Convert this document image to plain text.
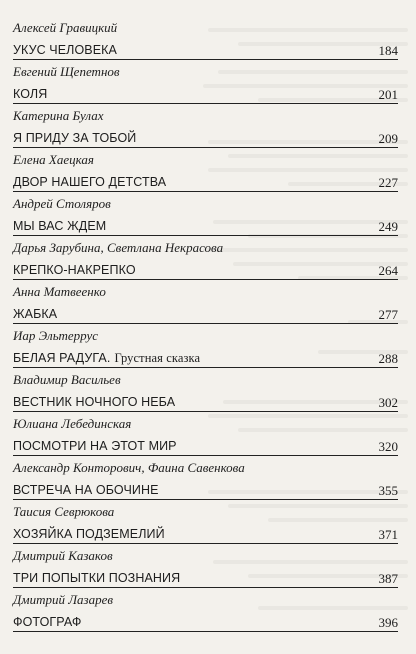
Алексей Гравицкий
УКУС ЧЕЛОВЕКА	184
Евгений Щепетнов
КОЛЯ	201
Катерина Булах
Я ПРИДУ ЗА ТОБОЙ	209
Елена Хаецкая
ДВОР НАШЕГО ДЕТСТВА	227
Андрей Столяров
МЫ ВАС ЖДЕМ	249
Дарья Зарубина, Светлана Некрасова
КРЕПКО-НАКРЕПКО	264
Анна Матвеенко
ЖАБКА	277
Иар Эльтеррус
БЕЛАЯ РАДУГА. Грустная сказка	288
Владимир Васильев
ВЕСТНИК НОЧНОГО НЕБА	302
Юлиана Лебединская
ПОСМОТРИ НА ЭТОТ МИР	320
Александр Конторович, Фаина Савенкова
ВСТРЕЧА НА ОБОЧИНЕ	355
Таисия Севрюкова
ХОЗЯЙКА ПОДЗЕМЕЛИЙ	371
Дмитрий Казаков
ТРИ ПОПЫТКИ ПОЗНАНИЯ	387
Дмитрий Лазарев
ФОТОГРАФ	396
